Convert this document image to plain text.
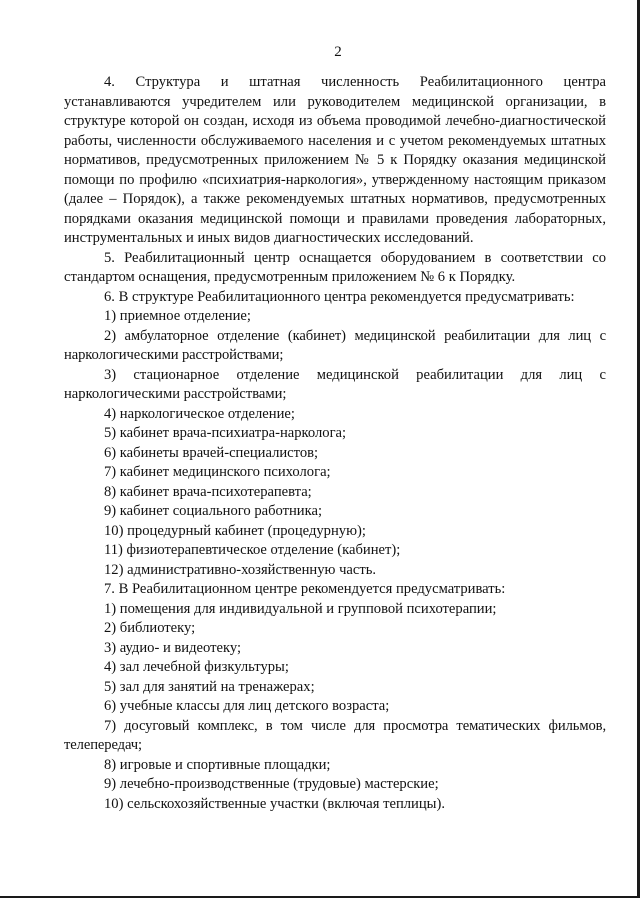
2

4. Структура и штатная численность Реабилитационного центра устанавливаются учредителем или руководителем медицинской организации, в структуре которой он создан, исходя из объема проводимой лечебно-диагностической работы, численности обслуживаемого населения и с учетом рекомендуемых штатных нормативов, предусмотренных приложением № 5 к Порядку оказания медицинской помощи по профилю «психиатрия-наркология», утвержденному настоящим приказом (далее – Порядок), а также рекомендуемых штатных нормативов, предусмотренных порядками оказания медицинской помощи и правилами проведения лабораторных, инструментальных и иных видов диагностических исследований.

5. Реабилитационный центр оснащается оборудованием в соответствии со стандартом оснащения, предусмотренным приложением № 6 к Порядку.

6. В структуре Реабилитационного центра рекомендуется предусматривать:

1) приемное отделение;

2) амбулаторное отделение (кабинет) медицинской реабилитации для лиц с наркологическими расстройствами;

3) стационарное отделение медицинской реабилитации для лиц с наркологическими расстройствами;

4) наркологическое отделение;

5) кабинет врача-психиатра-нарколога;

6) кабинеты врачей-специалистов;

7) кабинет медицинского психолога;

8) кабинет врача-психотерапевта;

9) кабинет социального работника;

10) процедурный кабинет (процедурную);

11) физиотерапевтическое отделение (кабинет);

12) административно-хозяйственную часть.

7. В Реабилитационном центре рекомендуется предусматривать:

1) помещения для индивидуальной и групповой психотерапии;

2) библиотеку;

3) аудио- и видеотеку;

4) зал лечебной физкультуры;

5) зал для занятий на тренажерах;

6) учебные классы для лиц детского возраста;

7) досуговый комплекс, в том числе для просмотра тематических фильмов, телепередач;

8) игровые и спортивные площадки;

9) лечебно-производственные (трудовые) мастерские;

10) сельскохозяйственные участки (включая теплицы).
